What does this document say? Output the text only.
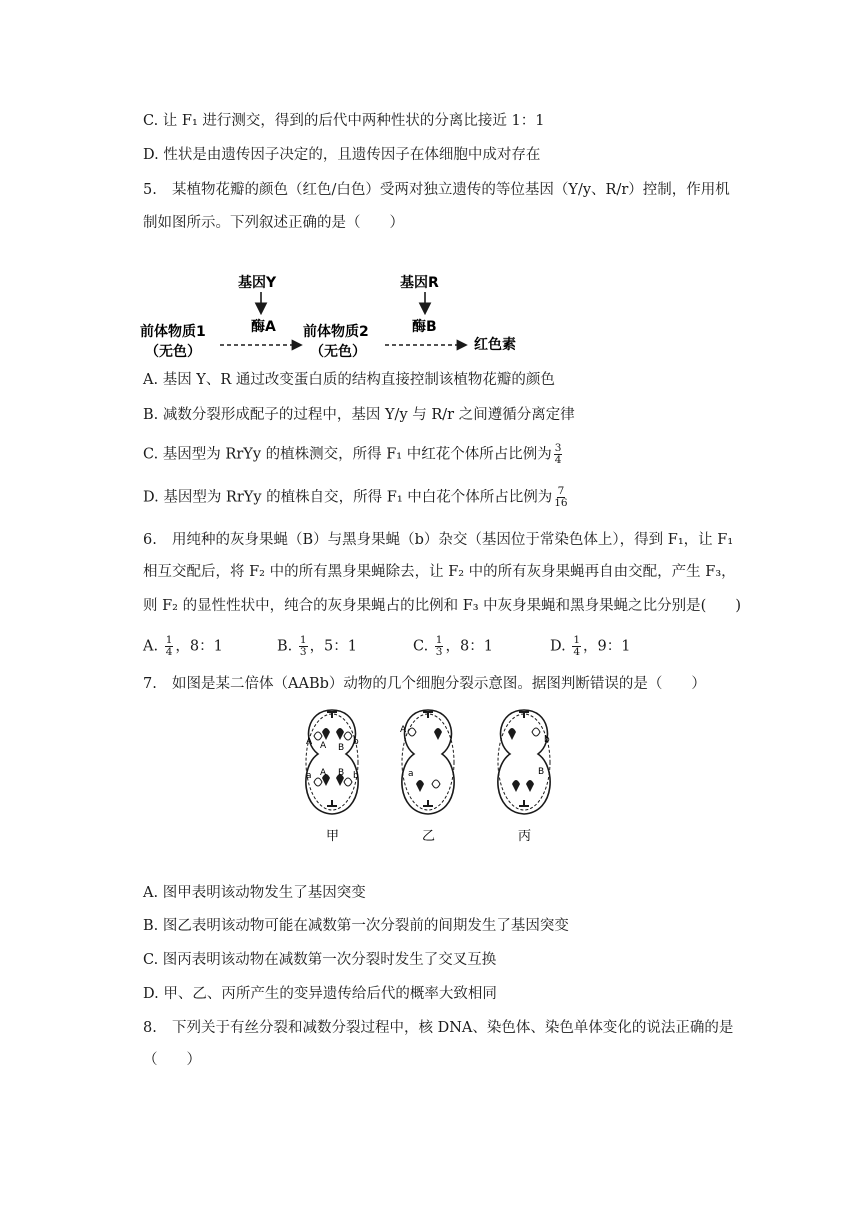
C. 让 F₁ 进行测交，得到的后代中两种性状的分离比接近 1：1
D. 性状是由遗传因子决定的，且遗传因子在体细胞中成对存在
5. 某植物花瓣的颜色（红色/白色）受两对独立遗传的等位基因（Y/y、R/r）控制，作用机
制如图所示。下列叙述正确的是（　　）
基因Y
酶A
基因R
酶B
前体物质1
（无色）
前体物质2
（无色）	红色素
A. 基因 Y、R 通过改变蛋白质的结构直接控制该植物花瓣的颜色
B. 减数分裂形成配子的过程中，基因 Y/y 与 R/r 之间遵循分离定律
C. 基因型为 RrYy 的植株测交，所得 F₁ 中红花个体所占比例为 $\frac{3}{4}$
D. 基因型为 RrYy 的植株自交，所得 F₁ 中白花个体所占比例为 $\frac{7}{16}$
6. 用纯种的灰身果蝇（B）与黑身果蝇（b）杂交（基因位于常染色体上），得到 F₁，让 F₁
相互交配后，将 F₂ 中的所有黑身果蝇除去，让 F₂ 中的所有灰身果蝇再自由交配，产生 F₃，
则 F₂ 的显性性状中，纯合的灰身果蝇占的比例和 F₃ 中灰身果蝇和黑身果蝇之比分别是(　　)
A. $\frac{1}{4}$ ，8：1	B. $\frac{1}{3}$ ，5：1	C. $\frac{1}{3}$ ，8：1	D. $\frac{1}{4}$ ，9：1
7. 如图是某二倍体（AABb）动物的几个细胞分裂示意图。据图判断错误的是（　　）
A A B
b
a A B b
A
a
b
B
甲	乙	丙
A. 图甲表明该动物发生了基因突变
B. 图乙表明该动物可能在减数第一次分裂前的间期发生了基因突变
C. 图丙表明该动物在减数第一次分裂时发生了交叉互换
D. 甲、乙、丙所产生的变异遗传给后代的概率大致相同
8. 下列关于有丝分裂和减数分裂过程中，核 DNA、染色体、染色单体变化的说法正确的是
（　　）
